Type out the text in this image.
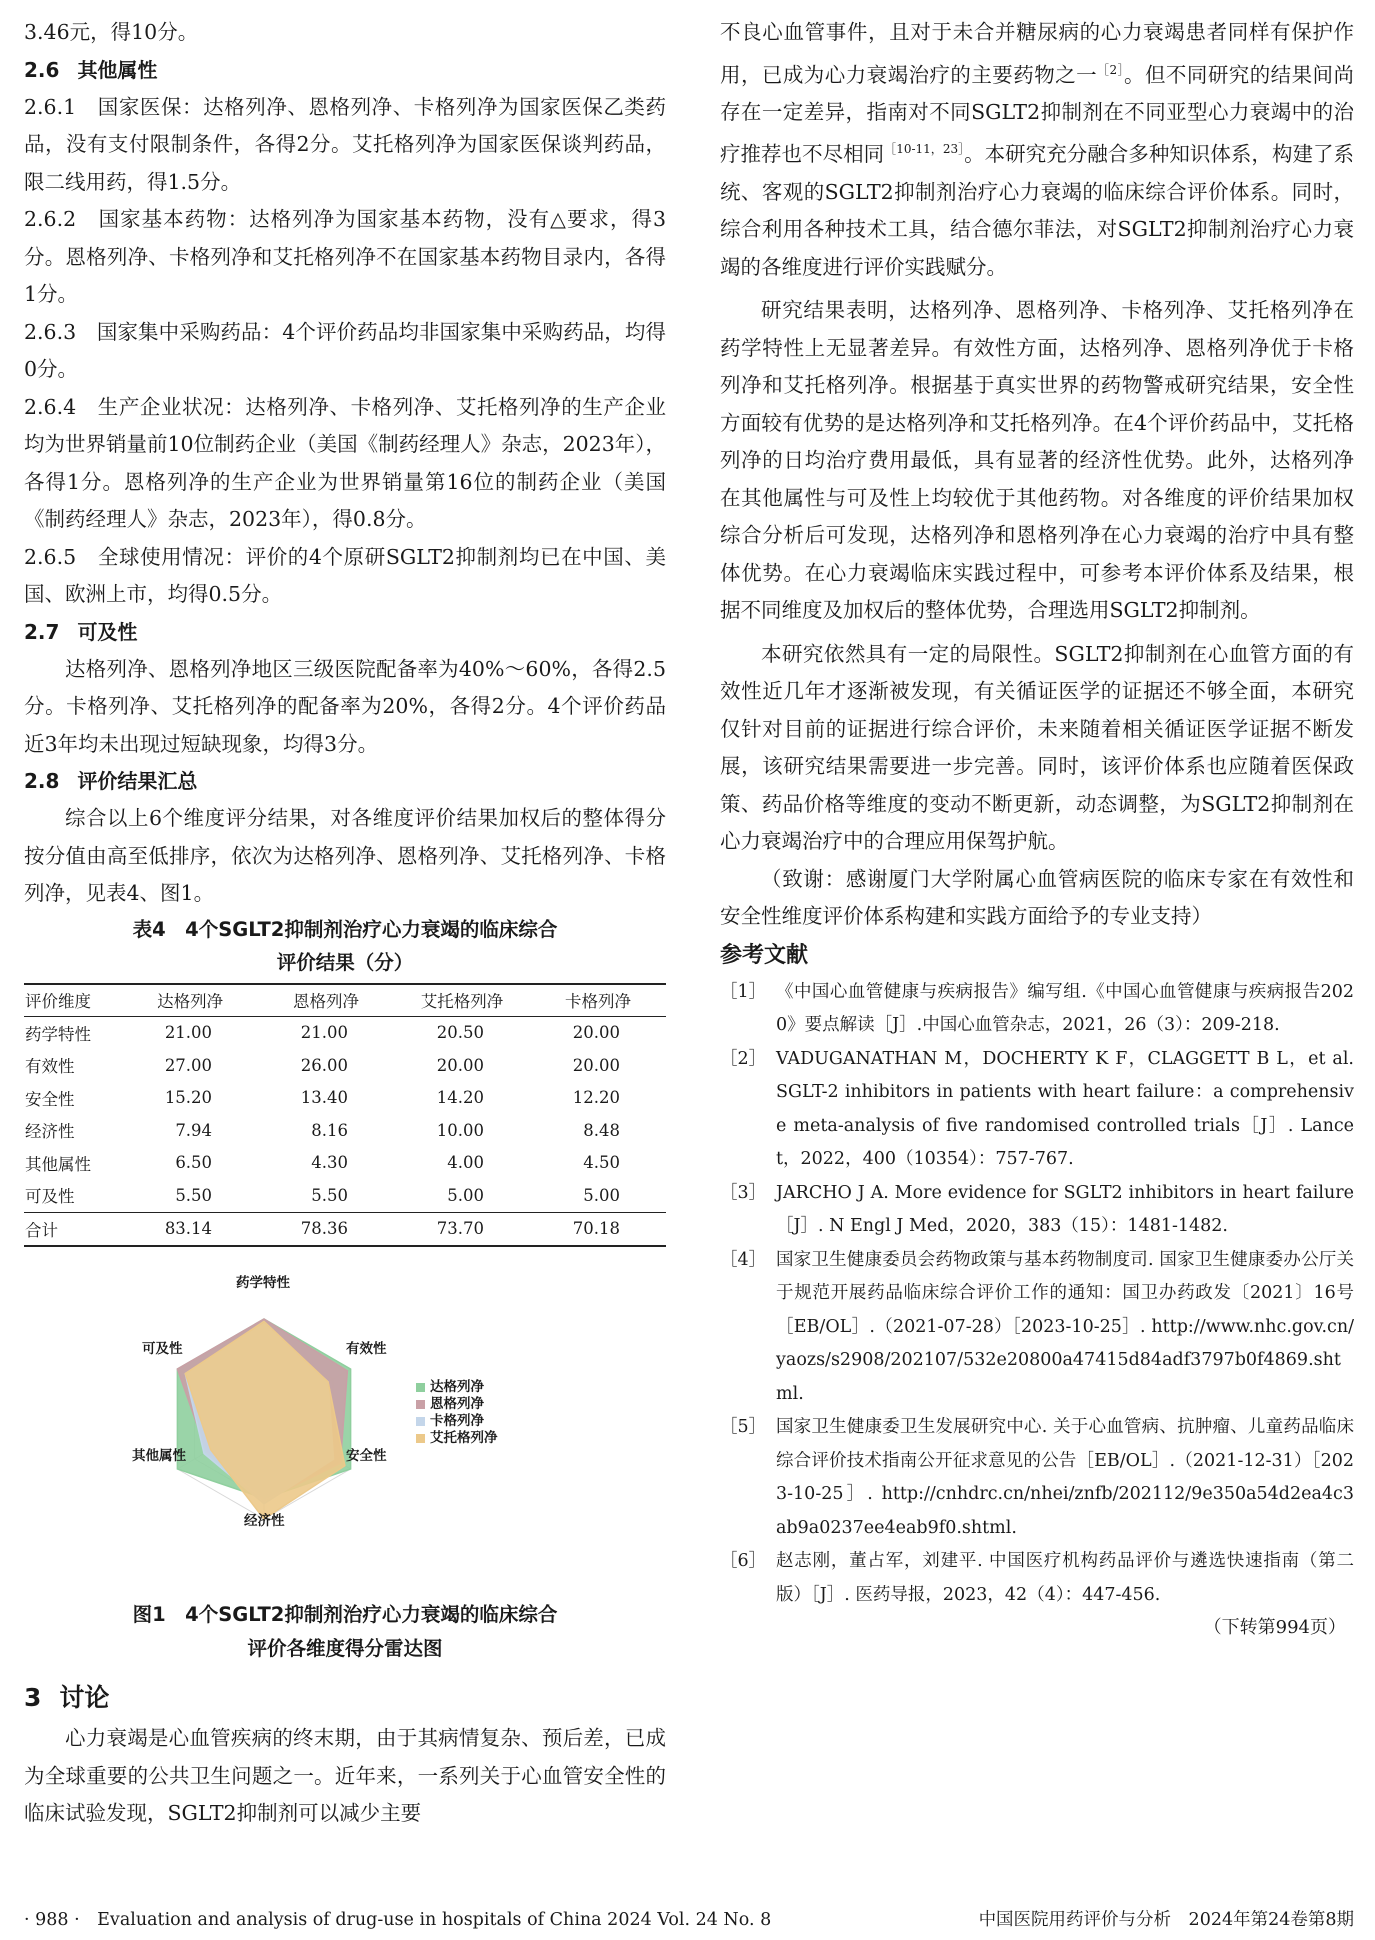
3.46元，得10分。

2.6 其他属性

2.6.1　国家医保：达格列净、恩格列净、卡格列净为国家医保乙类药品，没有支付限制条件，各得2分。艾托格列净为国家医保谈判药品，限二线用药，得1.5分。

2.6.2　国家基本药物：达格列净为国家基本药物，没有△要求，得3分。恩格列净、卡格列净和艾托格列净不在国家基本药物目录内，各得1分。

2.6.3　国家集中采购药品：4个评价药品均非国家集中采购药品，均得0分。

2.6.4　生产企业状况：达格列净、卡格列净、艾托格列净的生产企业均为世界销量前10位制药企业（美国《制药经理人》杂志，2023年），各得1分。恩格列净的生产企业为世界销量第16位的制药企业（美国《制药经理人》杂志，2023年），得0.8分。

2.6.5　全球使用情况：评价的4个原研SGLT2抑制剂均已在中国、美国、欧洲上市，均得0.5分。

2.7 可及性

达格列净、恩格列净地区三级医院配备率为40%～60%，各得2.5分。卡格列净、艾托格列净的配备率为20%，各得2分。4个评价药品近3年均未出现过短缺现象，均得3分。

2.8 评价结果汇总

综合以上6个维度评分结果，对各维度评价结果加权后的整体得分按分值由高至低排序，依次为达格列净、恩格列净、艾托格列净、卡格列净，见表4、图1。

表4　4个SGLT2抑制剂治疗心力衰竭的临床综合
评价结果（分）
评价维度	达格列净	恩格列净	艾托格列净	卡格列净
药学特性	21.00	21.00	20.50	20.00
有效性	27.00	26.00	20.00	20.00
安全性	15.20	13.40	14.20	12.20
经济性	7.94	8.16	10.00	8.48
其他属性	6.50	4.30	4.00	4.50
可及性	5.50	5.50	5.00	5.00
合计	83.14	78.36	73.70	70.18
达格列净
恩格列净
卡格列净
艾托格列净
药学特性
有效性
安全性
经济性
其他属性
可及性
图1　4个SGLT2抑制剂治疗心力衰竭的临床综合
评价各维度得分雷达图
3 讨论

心力衰竭是心血管疾病的终末期，由于其病情复杂、预后差，已成为全球重要的公共卫生问题之一。近年来，一系列关于心血管安全性的临床试验发现，SGLT2抑制剂可以减少主要

不良心血管事件，且对于未合并糖尿病的心力衰竭患者同样有保护作用，已成为心力衰竭治疗的主要药物之一$^{[2]}$。但不同研究的结果间尚存在一定差异，指南对不同SGLT2抑制剂在不同亚型心力衰竭中的治疗推荐也不尽相同$^{[10-11,23]}$。本研究充分融合多种知识体系，构建了系统、客观的SGLT2抑制剂治疗心力衰竭的临床综合评价体系。同时，综合利用各种技术工具，结合德尔菲法，对SGLT2抑制剂治疗心力衰竭的各维度进行评价实践赋分。

研究结果表明，达格列净、恩格列净、卡格列净、艾托格列净在药学特性上无显著差异。有效性方面，达格列净、恩格列净优于卡格列净和艾托格列净。根据基于真实世界的药物警戒研究结果，安全性方面较有优势的是达格列净和艾托格列净。在4个评价药品中，艾托格列净的日均治疗费用最低，具有显著的经济性优势。此外，达格列净在其他属性与可及性上均较优于其他药物。对各维度的评价结果加权综合分析后可发现，达格列净和恩格列净在心力衰竭的治疗中具有整体优势。在心力衰竭临床实践过程中，可参考本评价体系及结果，根据不同维度及加权后的整体优势，合理选用SGLT2抑制剂。

本研究依然具有一定的局限性。SGLT2抑制剂在心血管方面的有效性近几年才逐渐被发现，有关循证医学的证据还不够全面，本研究仅针对目前的证据进行综合评价，未来随着相关循证医学证据不断发展，该研究结果需要进一步完善。同时，该评价体系也应随着医保政策、药品价格等维度的变动不断更新，动态调整，为SGLT2抑制剂在心力衰竭治疗中的合理应用保驾护航。

（致谢：感谢厦门大学附属心血管病医院的临床专家在有效性和安全性维度评价体系构建和实践方面给予的专业支持）

参考文献
［1］ 《中国心血管健康与疾病报告》编写组.《中国心血管健康与疾病报告2020》要点解读［J］.中国心血管杂志，2021，26（3）：209-218.
［2］ VADUGANATHAN M，DOCHERTY K F，CLAGGETT B L，et al. SGLT-2 inhibitors in patients with heart failure：a comprehensive meta-analysis of five randomised controlled trials［J］. Lancet，2022，400（10354）：757-767.
［3］ JARCHO J A. More evidence for SGLT2 inhibitors in heart failure［J］. N Engl J Med，2020，383（15）：1481-1482.
［4］ 国家卫生健康委员会药物政策与基本药物制度司. 国家卫生健康委办公厅关于规范开展药品临床综合评价工作的通知：国卫办药政发〔2021〕16号［EB/OL］.（2021-07-28）［2023-10-25］. http://www.nhc.gov.cn/yaozs/s2908/202107/532e20800a47415d84adf3797b0f4869.shtml.
［5］ 国家卫生健康委卫生发展研究中心. 关于心血管病、抗肿瘤、儿童药品临床综合评价技术指南公开征求意见的公告［EB/OL］.（2021-12-31）［2023-10-25］. http://cnhdrc.cn/nhei/znfb/202112/9e350a54d2ea4c3ab9a0237ee4eab9f0.shtml.
［6］ 赵志刚，董占军，刘建平. 中国医疗机构药品评价与遴选快速指南（第二版）［J］. 医药导报，2023，42（4）：447-456.
（下转第994页）
· 988 ·　Evaluation and analysis of drug-use in hospitals of China 2024 Vol. 24 No. 8	中国医院用药评价与分析　2024年第24卷第8期
